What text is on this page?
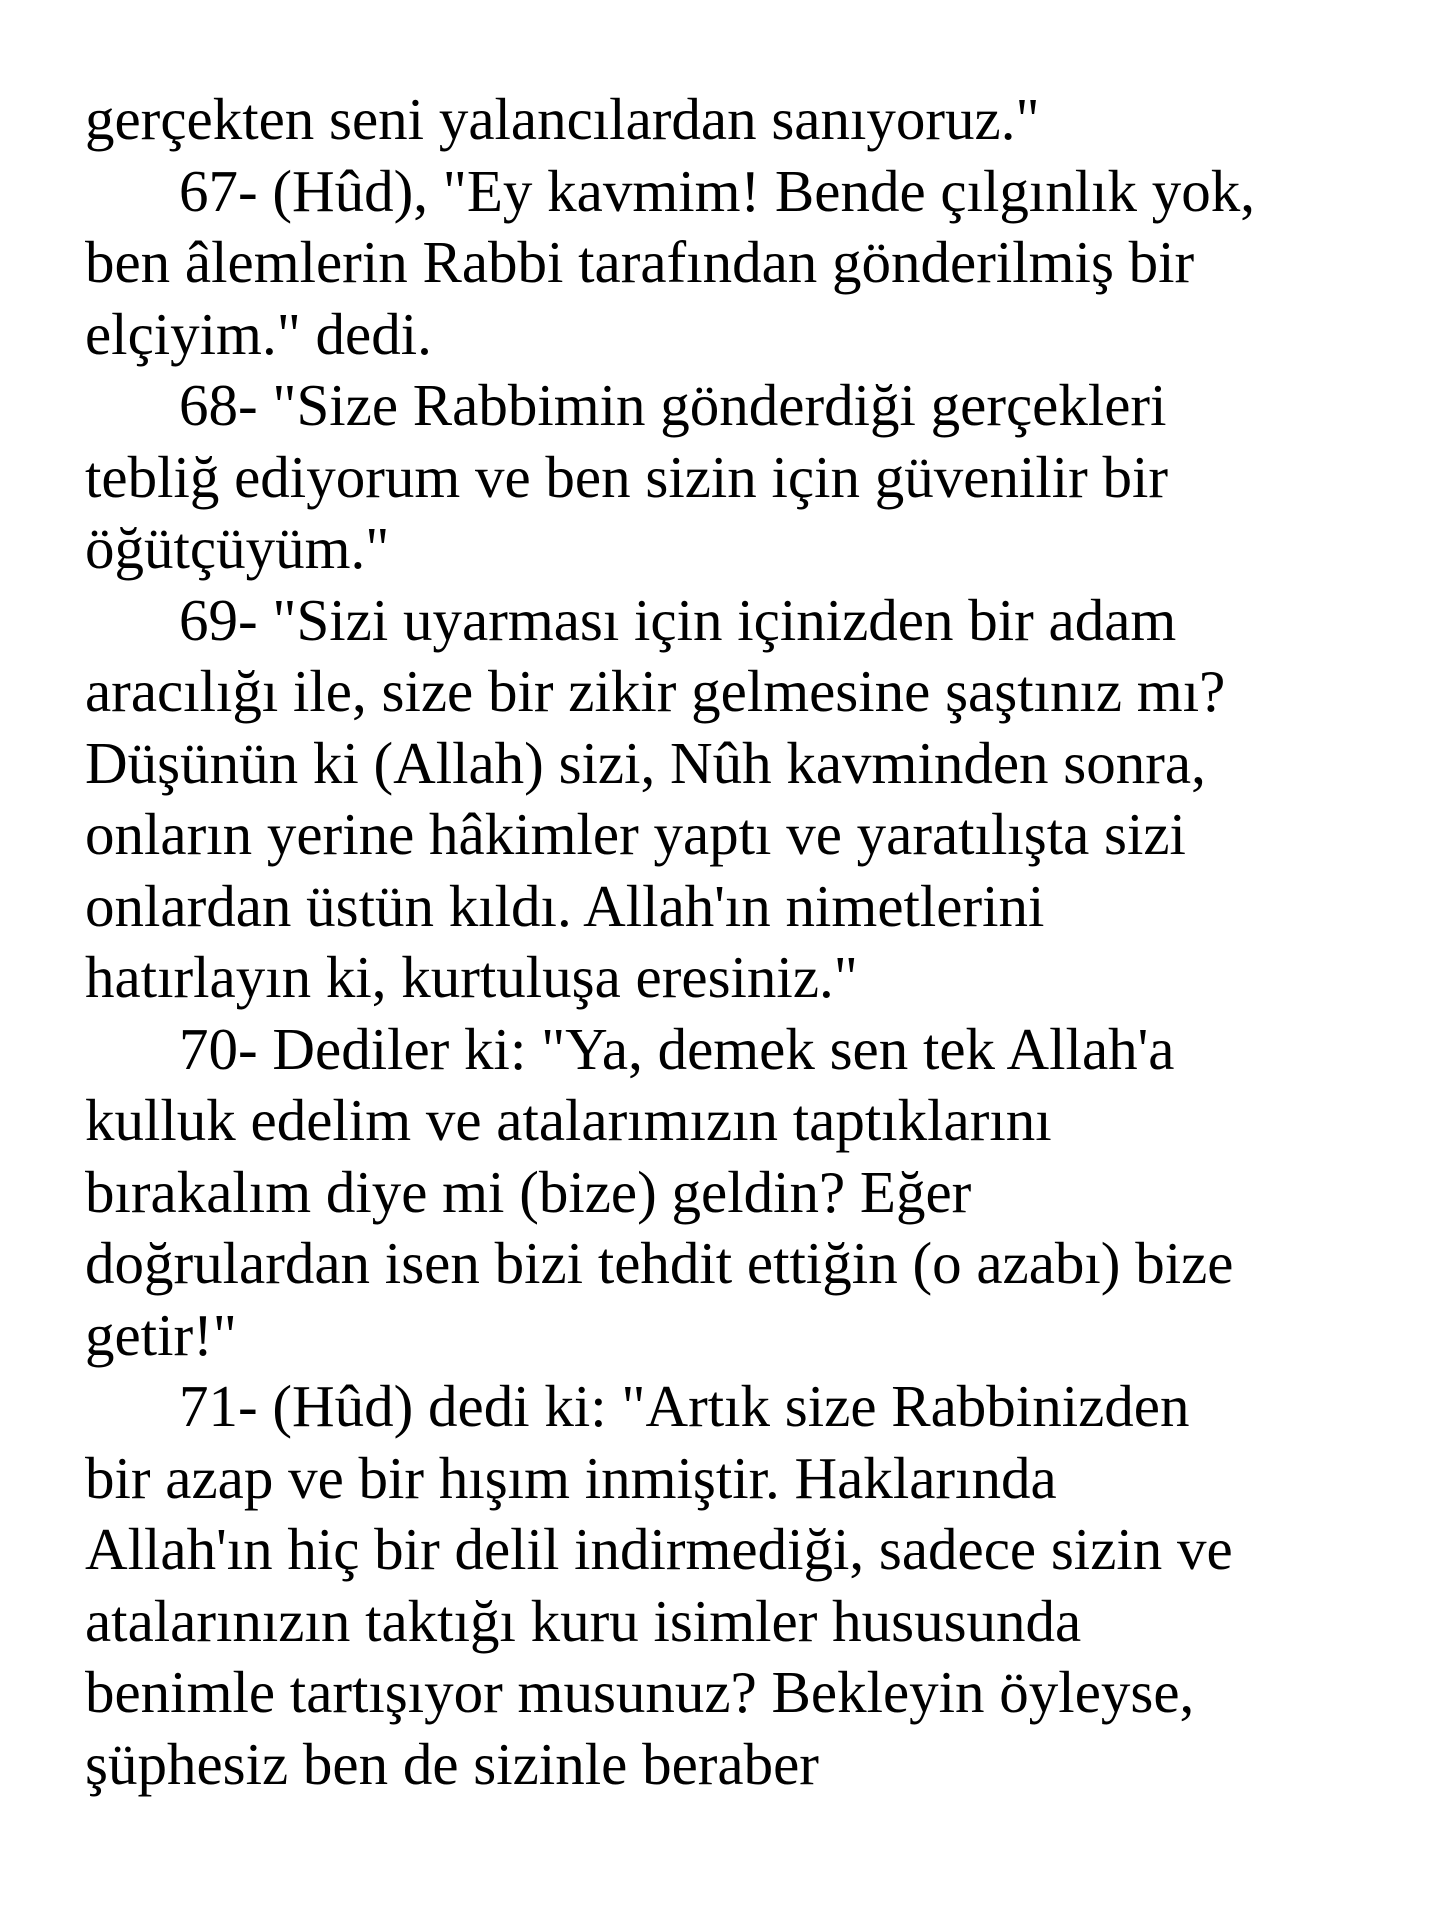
gerçekten seni yalancılardan sanıyoruz."
67- (Hûd), "Ey kavmim! Bende çılgınlık yok,
ben âlemlerin Rabbi tarafından gönderilmiş bir
elçiyim." dedi.
68- "Size Rabbimin gönderdiği gerçekleri
tebliğ ediyorum ve ben sizin için güvenilir bir
öğütçüyüm."
69- "Sizi uyarması için içinizden bir adam
aracılığı ile, size bir zikir gelmesine şaştınız mı?
Düşünün ki (Allah) sizi, Nûh kavminden sonra,
onların yerine hâkimler yaptı ve yaratılışta sizi
onlardan üstün kıldı. Allah'ın nimetlerini
hatırlayın ki, kurtuluşa eresiniz."
70- Dediler ki: "Ya, demek sen tek Allah'a
kulluk edelim ve atalarımızın taptıklarını
bırakalım diye mi (bize) geldin? Eğer
doğrulardan isen bizi tehdit ettiğin (o azabı) bize
getir!"
71- (Hûd) dedi ki: "Artık size Rabbinizden
bir azap ve bir hışım inmiştir. Haklarında
Allah'ın hiç bir delil indirmediği, sadece sizin ve
atalarınızın taktığı kuru isimler hususunda
benimle tartışıyor musunuz? Bekleyin öyleyse,
şüphesiz ben de sizinle beraber
